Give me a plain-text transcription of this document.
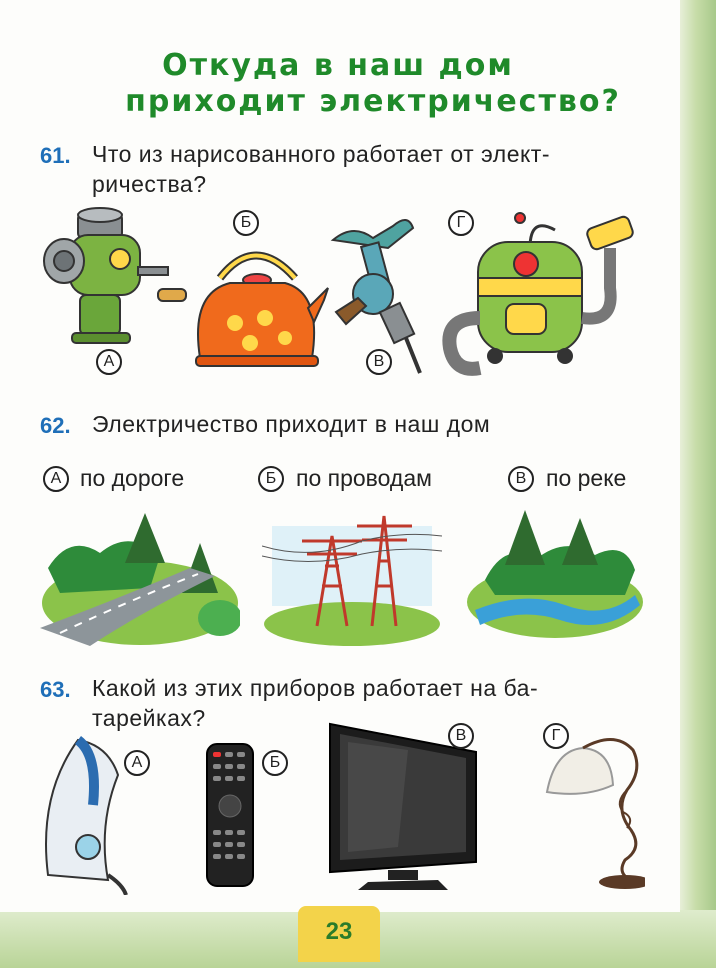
Откуда в наш дом
приходит электричество?
61. Что из нарисованного работает от элект-
ричества?
А
Б
В
Г
62. Электричество приходит в наш дом
А по дороге	Б по проводам	В по реке
63. Какой из этих приборов работает на ба-
тарейках?
А	Б
В	Г
23
